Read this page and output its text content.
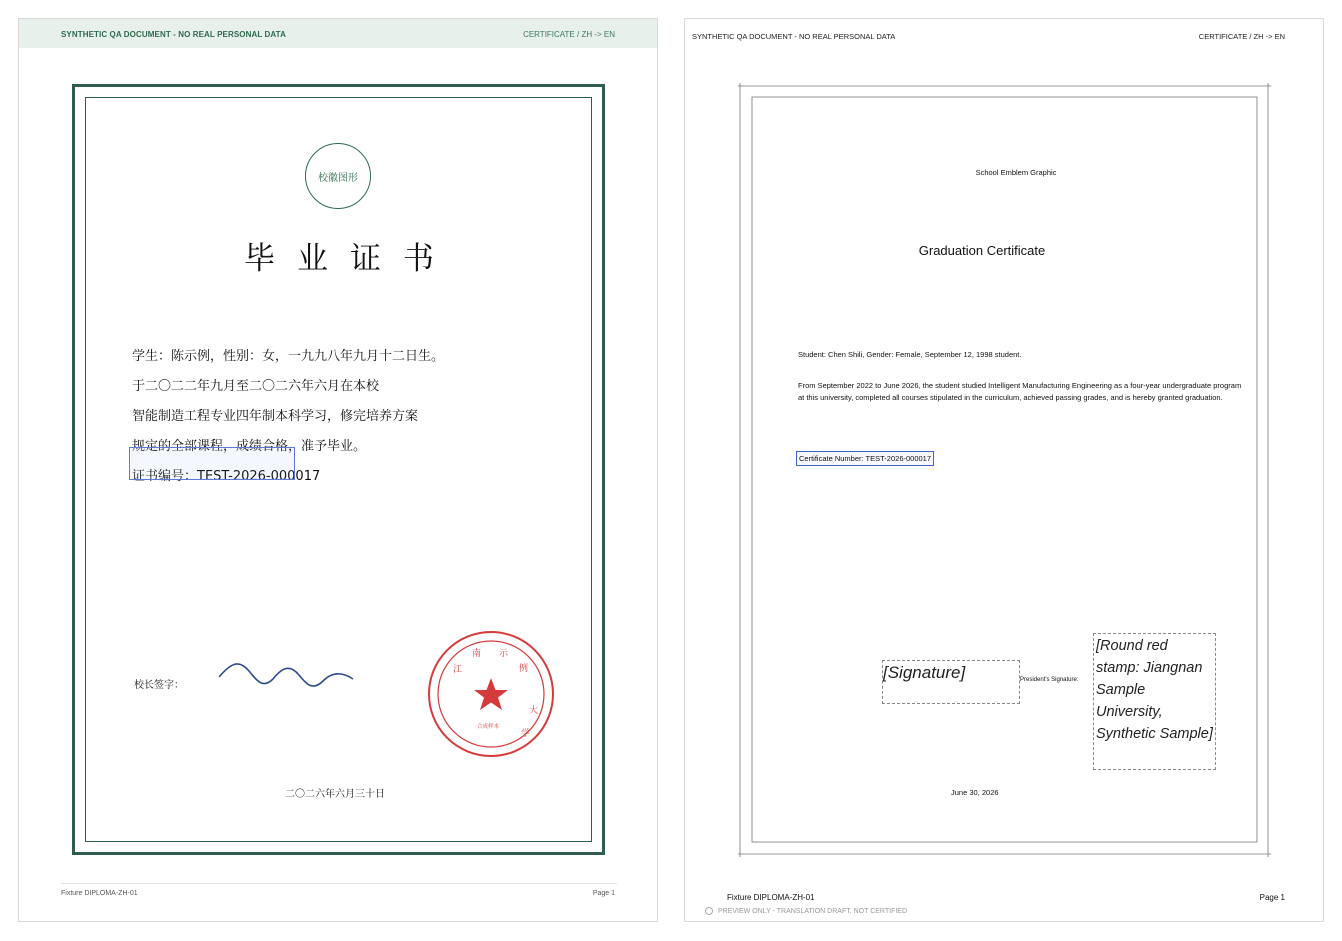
SYNTHETIC QA DOCUMENT - NO REAL PERSONAL DATA	CERTIFICATE / ZH -> EN
校徽图形
毕业证书
学生：陈示例，性别：女，一九九八年九月十二日生。
于二〇二二年九月至二〇二六年六月在本校
智能制造工程专业四年制本科学习，修完培养方案
规定的全部课程，成绩合格，准予毕业。
证书编号：TEST-2026-000017
校长签字：
江
南 示
例
大
学
合成样本
二〇二六年六月三十日
Fixture DIPLOMA-ZH-01	Page 1
SYNTHETIC QA DOCUMENT - NO REAL PERSONAL DATA	CERTIFICATE / ZH -> EN
School Emblem Graphic
Graduation Certificate
Student: Chen Shili, Gender: Female, September 12, 1998 student.
From September 2022 to June 2026, the student studied Intelligent Manufacturing Engineering as a four-year undergraduate program at this university, completed all courses stipulated in the curriculum, achieved passing grades, and is hereby granted graduation.
Certificate Number: TEST-2026-000017
[Signature]	President's Signature:
[Round red stamp: Jiangnan Sample University, Synthetic Sample]
June 30, 2026
Fixture DIPLOMA-ZH-01	Page 1
PREVIEW ONLY - TRANSLATION DRAFT, NOT CERTIFIED
